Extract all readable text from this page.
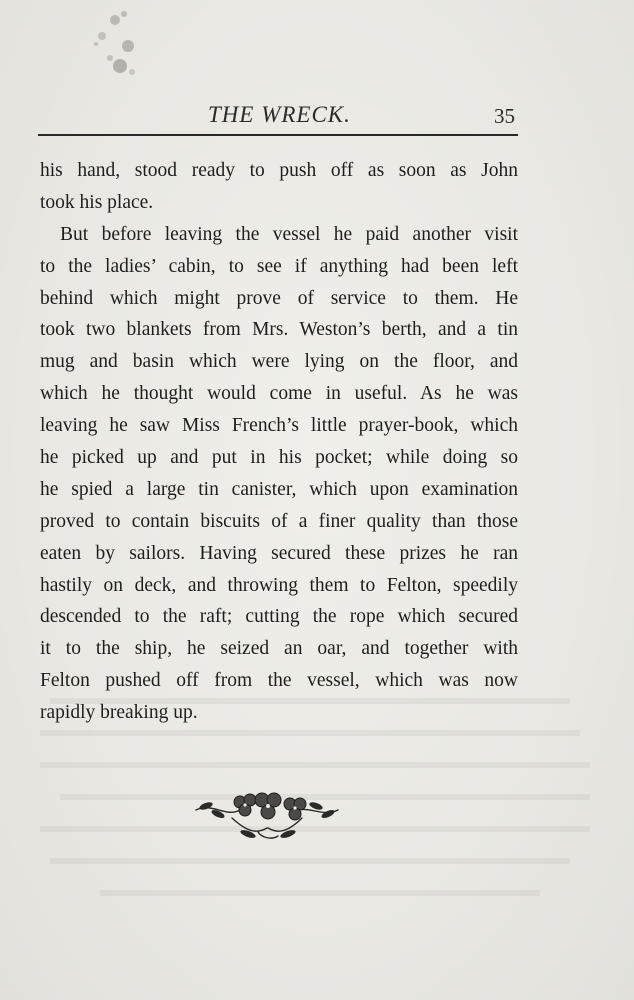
THE WRECK.	35
his hand, stood ready to push off as soon as John
took his place.
But before leaving the vessel he paid another visit
to the ladies’ cabin, to see if anything had been left
behind which might prove of service to them. He
took two blankets from Mrs. Weston’s berth, and a tin
mug and basin which were lying on the floor, and
which he thought would come in useful. As he was
leaving he saw Miss French’s little prayer-book, which
he picked up and put in his pocket; while doing so
he spied a large tin canister, which upon examination
proved to contain biscuits of a finer quality than those
eaten by sailors. Having secured these prizes he ran
hastily on deck, and throwing them to Felton, speedily
descended to the raft; cutting the rope which secured
it to the ship, he seized an oar, and together with
Felton pushed off from the vessel, which was now
rapidly breaking up.
